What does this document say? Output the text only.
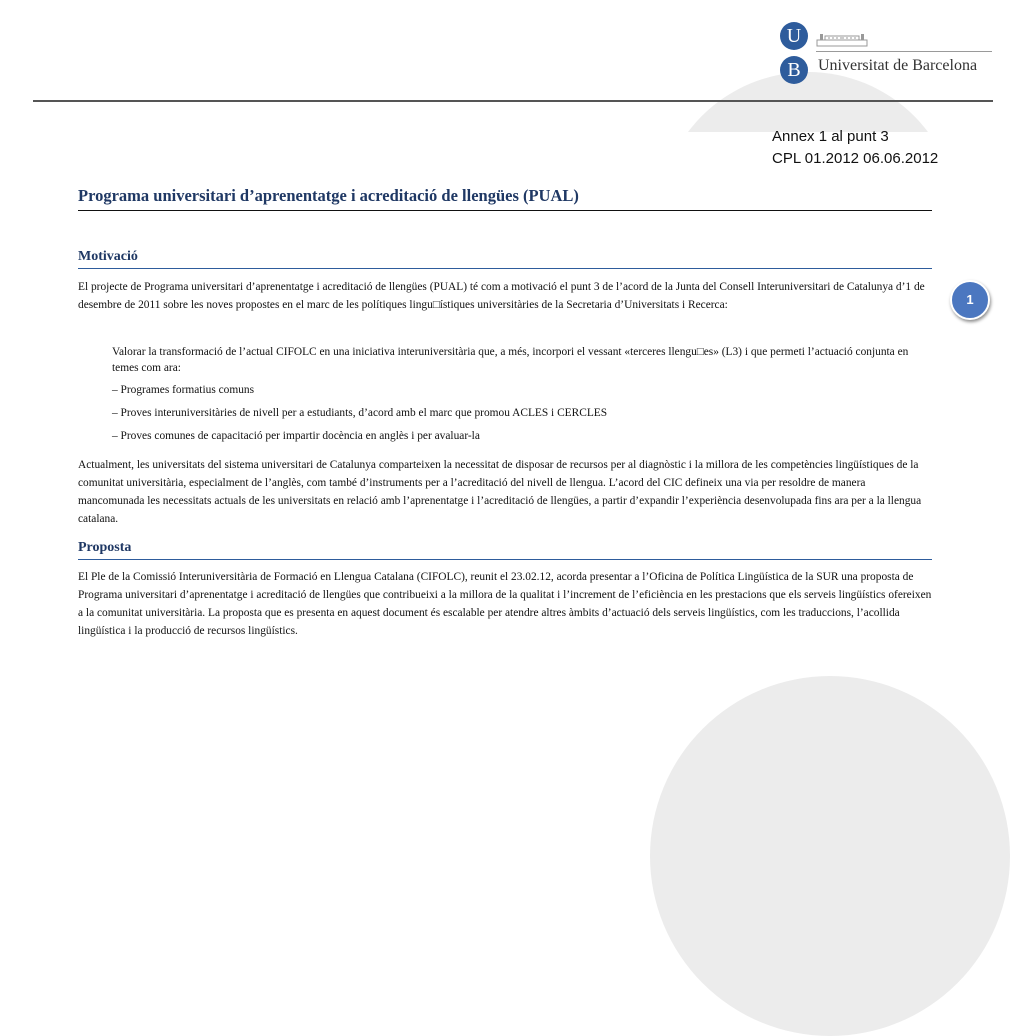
U
B	Universitat de Barcelona
Annex 1 al punt 3
CPL 01.2012 06.06.2012
Programa universitari d’aprenentatge i acreditació de llengües (PUAL)
Motivació
El projecte de Programa universitari d’aprenentatge i acreditació de llengües (PUAL) té com a motivació el punt 3 de l’acord de la Junta del Consell Interuniversitari de Catalunya d’1 de desembre de 2011 sobre les noves propostes en el marc de les polítiques lingu□ístiques universitàries de la Secretaria d’Universitats i Recerca:
Valorar la transformació de l’actual CIFOLC en una iniciativa interuniversitària que, a més, incorpori el vessant «terceres llengu□es» (L3) i que permeti l’actuació conjunta en temes com ara:
– Programes formatius comuns
– Proves interuniversitàries de nivell per a estudiants, d’acord amb el marc que promou ACLES i CERCLES
– Proves comunes de capacitació per impartir docència en anglès i per avaluar-la
Actualment, les universitats del sistema universitari de Catalunya comparteixen la necessitat de disposar de recursos per al diagnòstic i la millora de les competències lingüístiques de la comunitat universitària, especialment de l’anglès, com també d’instruments per a l’acreditació del nivell de llengua. L’acord del CIC defineix una via per resoldre de manera mancomunada les necessitats actuals de les universitats en relació amb l’aprenentatge i l’acreditació de llengües, a partir d’expandir l’experiència desenvolupada fins ara per a la llengua catalana.
Proposta
El Ple de la Comissió Interuniversitària de Formació en Llengua Catalana (CIFOLC), reunit el 23.02.12, acorda presentar a l’Oficina de Política Lingüística de la SUR una proposta de Programa universitari d’aprenentatge i acreditació de llengües que contribueixi a la millora de la qualitat i l’increment de l’eficiència en les prestacions que els serveis lingüístics ofereixen a la comunitat universitària. La proposta que es presenta en aquest document és escalable per atendre altres àmbits d’actuació dels serveis lingüístics, com les traduccions, l’acollida lingüística i la producció de recursos lingüístics.
1
